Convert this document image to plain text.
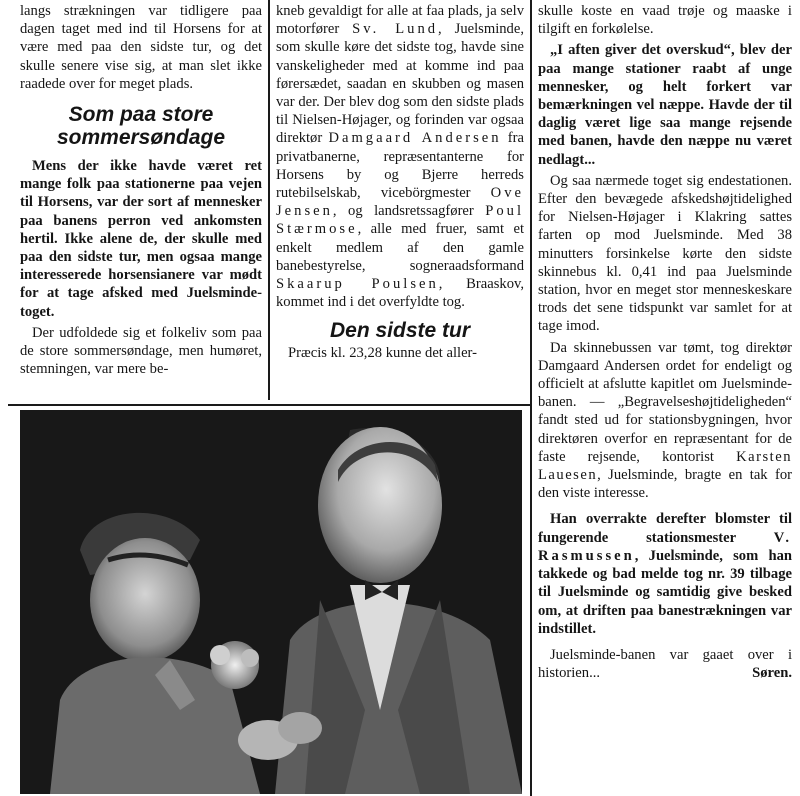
langs strækningen var tidligere paa dagen taget med ind til Horsens for at være med paa den sidste tur, og det skulle senere vise sig, at man slet ikke raadede over for meget plads.

Som paa store sommersøndage

Mens der ikke havde været ret mange folk paa stationerne paa vejen til Horsens, var der sort af mennesker paa banens perron ved ankomsten hertil. Ikke alene de, der skulle med paa den sidste tur, men ogsaa mange interesserede horsensianere var mødt for at tage afsked med Juelsminde-toget.

Der udfoldede sig et folkeliv som paa de store sommersøndage, men humøret, stemningen, var mere be-

kneb gevaldigt for alle at faa plads, ja selv motorfører Sv. Lund, Juelsminde, som skulle køre det sidste tog, havde sine vanskeligheder med at komme ind paa førersædet, saadan en skubben og masen var der. Der blev dog som den sidste plads til Nielsen-Højager, og forinden var ogsaa direktør Damgaard Andersen fra privatbanerne, repræsentanterne for Horsens by og Bjerre herreds rutebilselskab, vicebörgmester Ove Jensen, og landsretssagfører Poul Stærmose, alle med fruer, samt et enkelt medlem af den gamle banebestyrelse, sogneraadsformand Skaarup Poulsen, Braaskov, kommet ind i det overfyldte tog.

Den sidste tur

Præcis kl. 23,28 kunne det aller-

skulle koste en vaad trøje og maaske i tilgift en forkølelse.

„I aften giver det overskud“, blev der paa mange stationer raabt af unge mennesker, og helt forkert var bemærkningen vel næppe. Havde der til daglig været lige saa mange rejsende med banen, havde den næppe nu været nedlagt...

Og saa nærmede toget sig endestationen. Efter den bevægede afskedshøjtidelighed for Nielsen-Højager i Klakring sattes farten op mod Juelsminde. Med 38 minutters forsinkelse kørte den sidste skinnebus kl. 0,41 ind paa Juelsminde station, hvor en meget stor menneskeskare trods det sene tidspunkt var samlet for at tage imod.

Da skinnebussen var tømt, tog direktør Damgaard Andersen ordet for endeligt og officielt at afslutte kapitlet om Juelsminde-banen. — „Begravelseshøjtideligheden“ fandt sted ud for stationsbygningen, hvor direktøren overfor en repræsentant for de faste rejsende, kontorist Karsten Lauesen, Juelsminde, bragte en tak for den viste interesse.

Han overrakte derefter blomster til fungerende stationsmester V. Rasmussen, Juelsminde, som han takkede og bad melde tog nr. 39 tilbage til Juelsminde og samtidig give besked om, at driften paa banestrækningen var indstillet.

Juelsminde-banen var gaaet over i historien...	Søren.
